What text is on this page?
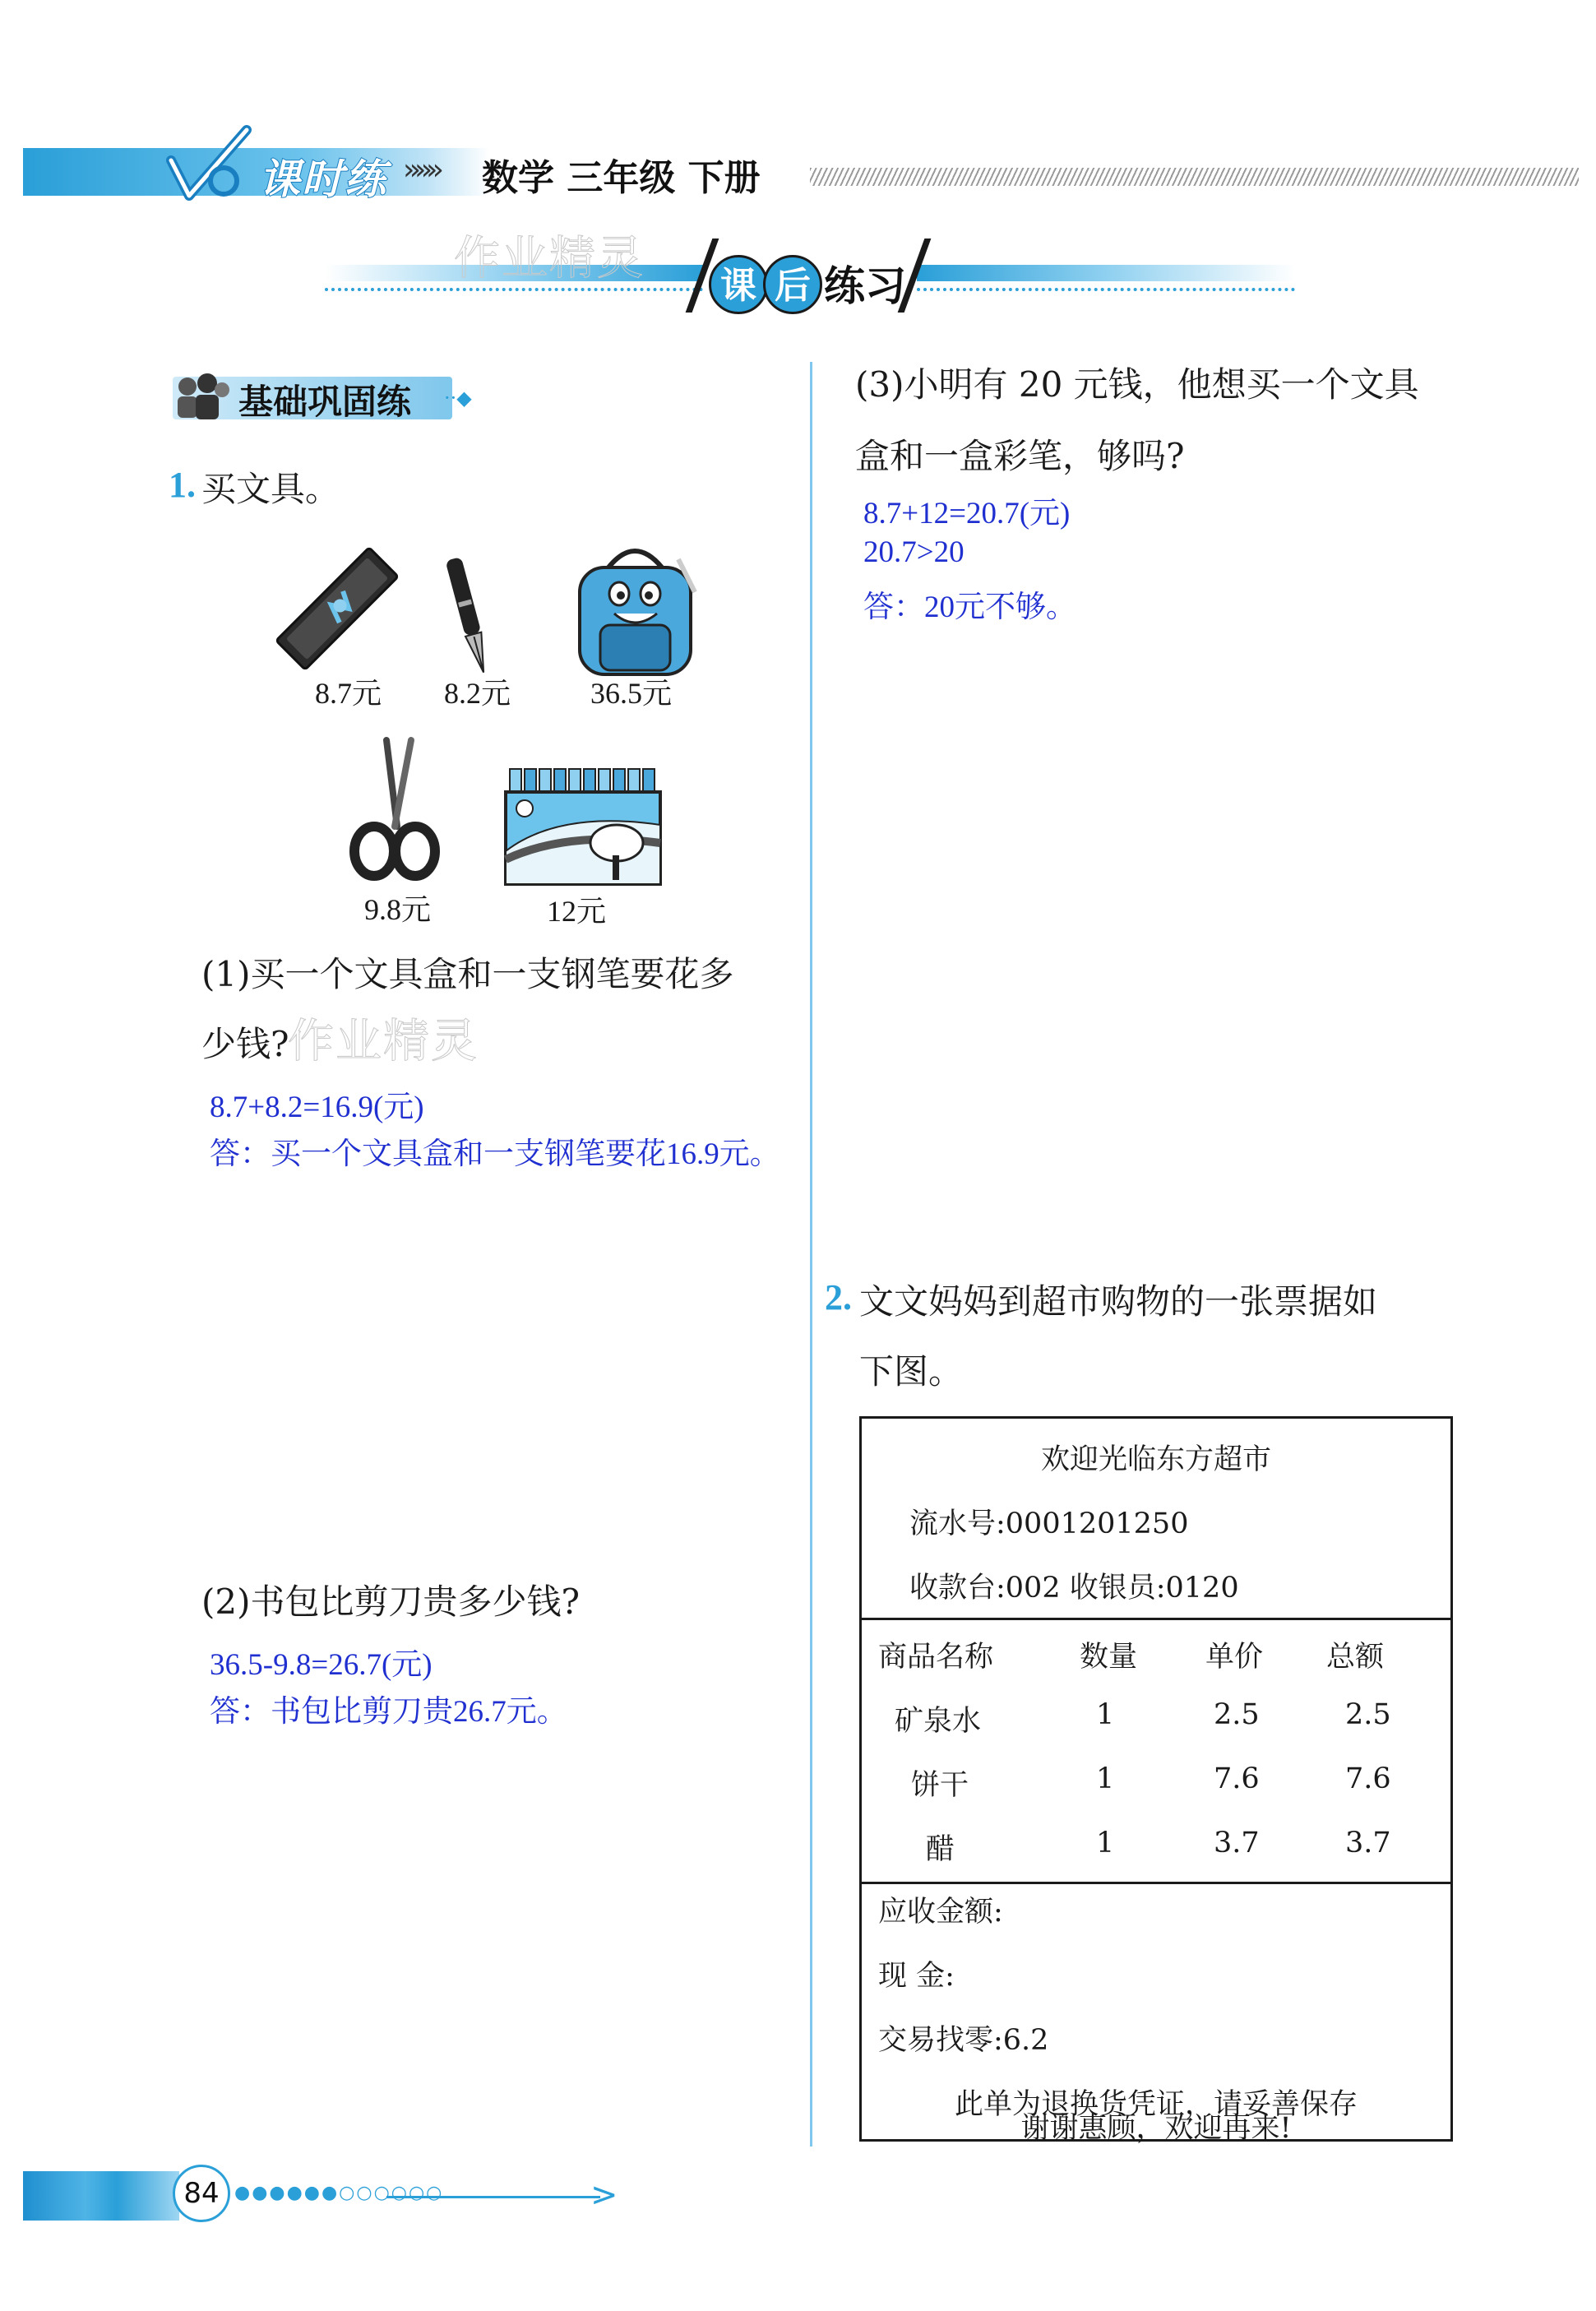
课时练 »»» 数学 三年级 下册
课 后 练习
作业精灵
基础巩固练 ··◆
1. 买文具。
8.7元 8.2元	36.5元
9.8元	12元
(1)买一个文具盒和一支钢笔要花多
少钱?
作业精灵
8.7+8.2=16.9(元)
答：买一个文具盒和一支钢笔要花16.9元。
(2)书包比剪刀贵多少钱?
36.5-9.8=26.7(元)
答：书包比剪刀贵26.7元。
(3)小明有 20 元钱，他想买一个文具
盒和一盒彩笔，够吗?
8.7+12=20.7(元)
20.7>20
答：20元不够。
2. 文文妈妈到超市购物的一张票据如
下图。
欢迎光临东方超市
流水号:0001201250
收款台:002 收银员:0120
商品名称	数量 单价 总额
矿泉水	1	2.5	2.5
饼干	1	7.6	7.6
醋	1	3.7	3.7
应收金额:
现 金:
交易找零:6.2
此单为退换货凭证，请妥善保存
谢谢惠顾，欢迎再来!
84 ●●●●●●○○○○○○	>
